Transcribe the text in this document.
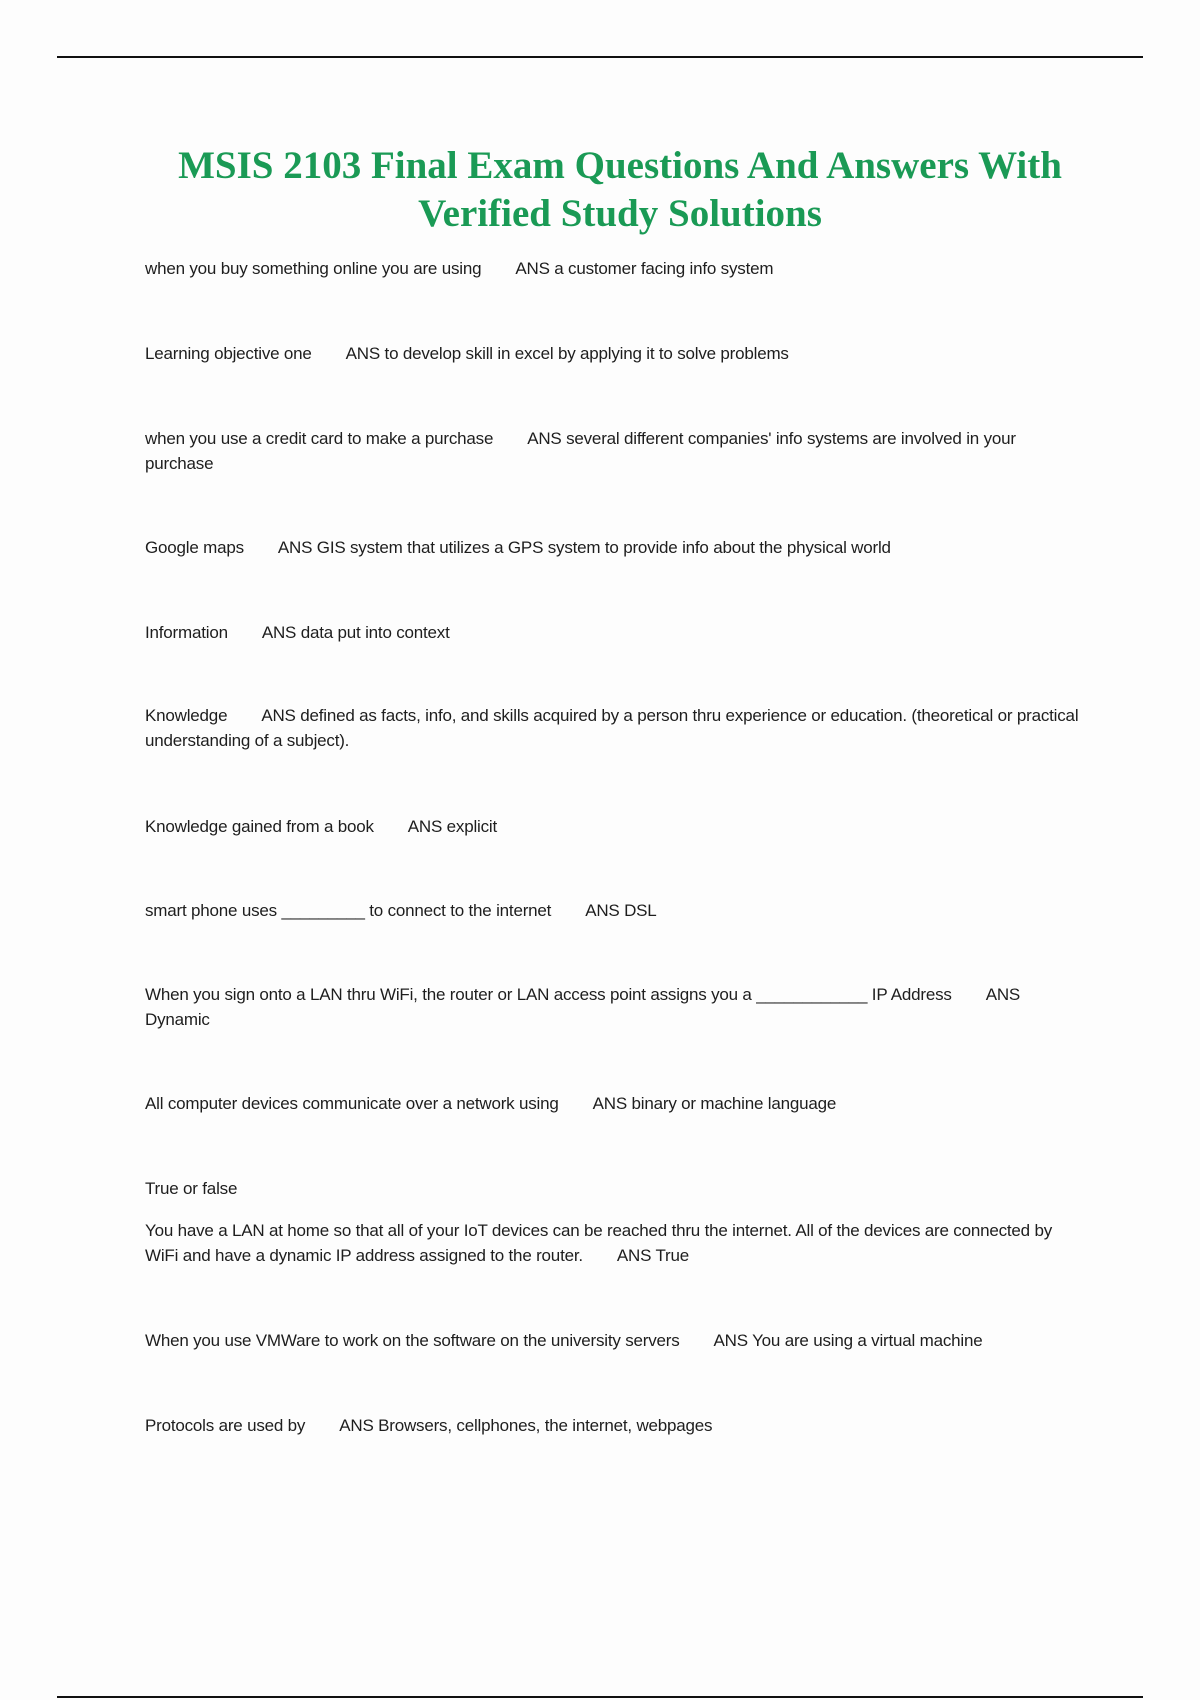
MSIS 2103 Final Exam Questions And Answers With Verified Study Solutions

when you buy something online you are using ANS a customer facing info system

Learning objective one ANS to develop skill in excel by applying it to solve problems

when you use a credit card to make a purchase ANS several different companies' info systems are involved in your purchase

Google maps ANS GIS system that utilizes a GPS system to provide info about the physical world

Information ANS data put into context

Knowledge ANS defined as facts, info, and skills acquired by a person thru experience or education. (theoretical or practical understanding of a subject).

Knowledge gained from a book ANS explicit

smart phone uses _________ to connect to the internet ANS DSL

When you sign onto a LAN thru WiFi, the router or LAN access point assigns you a ____________ IP Address ANS Dynamic

All computer devices communicate over a network using ANS binary or machine language

True or false

You have a LAN at home so that all of your IoT devices can be reached thru the internet. All of the devices are connected by WiFi and have a dynamic IP address assigned to the router. ANS True

When you use VMWare to work on the software on the university servers ANS You are using a virtual machine

Protocols are used by ANS Browsers, cellphones, the internet, webpages
